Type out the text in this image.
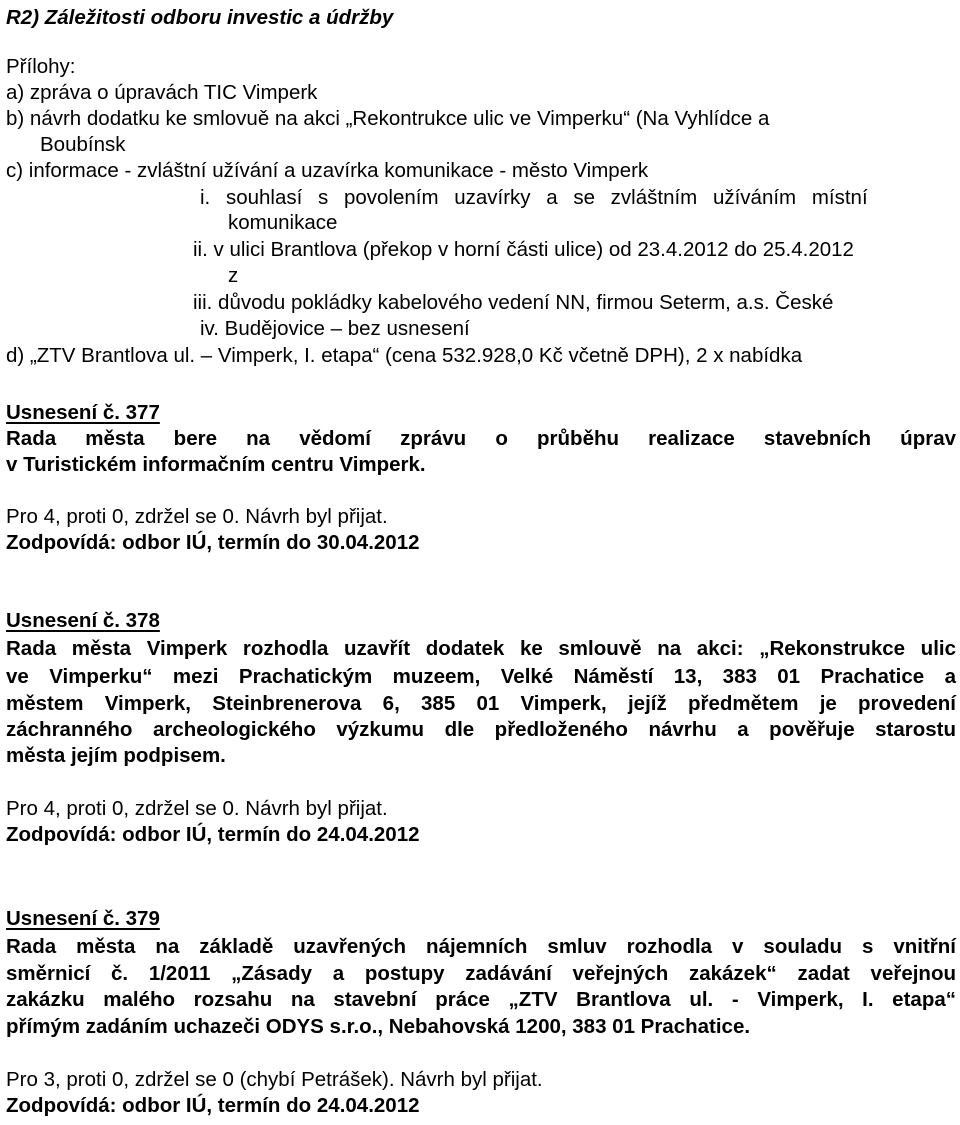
R2) Záležitosti odboru investic a údržby
Přílohy:
a) zpráva o úpravách TIC Vimperk
b) návrh dodatku ke smlovuě na akci „Rekontrukce ulic ve Vimperku“ (Na Vyhlídce a
Boubínsk
c) informace - zvláštní užívání a uzavírka komunikace - město Vimperk
i. souhlasí s povolením uzavírky a se zvláštním užíváním místní
komunikace
ii. v ulici Brantlova (překop v horní části ulice) od 23.4.2012 do 25.4.2012
z
iii. důvodu pokládky kabelového vedení NN, firmou Seterm, a.s. České
iv. Budějovice – bez usnesení
d) „ZTV Brantlova ul. – Vimperk, I. etapa“ (cena 532.928,0 Kč včetně DPH), 2 x nabídka
Usnesení č. 377
Rada města bere na vědomí zprávu o průběhu realizace stavebních úprav
v Turistickém informačním centru Vimperk.
Pro 4, proti 0, zdržel se 0. Návrh byl přijat.
Zodpovídá: odbor IÚ, termín do 30.04.2012
Usnesení č. 378
Rada města Vimperk rozhodla uzavřít dodatek ke smlouvě na akci: „Rekonstrukce ulic
ve Vimperku“ mezi Prachatickým muzeem, Velké Náměstí 13, 383 01 Prachatice a
městem Vimperk, Steinbrenerova 6, 385 01 Vimperk, jejíž předmětem je provedení
záchranného archeologického výzkumu dle předloženého návrhu a pověřuje starostu
města jejím podpisem.
Pro 4, proti 0, zdržel se 0. Návrh byl přijat.
Zodpovídá: odbor IÚ, termín do 24.04.2012
Usnesení č. 379
Rada města na základě uzavřených nájemních smluv rozhodla v souladu s vnitřní
směrnicí č. 1/2011 „Zásady a postupy zadávání veřejných zakázek“ zadat veřejnou
zakázku malého rozsahu na stavební práce „ZTV Brantlova ul. - Vimperk, I. etapa“
přímým zadáním uchazeči ODYS s.r.o., Nebahovská 1200, 383 01 Prachatice.
Pro 3, proti 0, zdržel se 0 (chybí Petrášek). Návrh byl přijat.
Zodpovídá: odbor IÚ, termín do 24.04.2012
